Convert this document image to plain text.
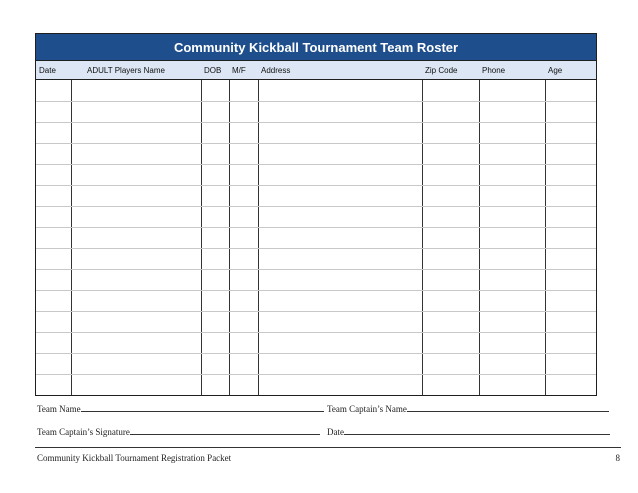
Community Kickball Tournament Team Roster
Date	ADULT Players Name	DOB	M/F	Address	Zip Code	Phone	Age

Team Name	Team Captain’s Name
Team Captain’s Signature	Date
Community Kickball Tournament Registration Packet	8
